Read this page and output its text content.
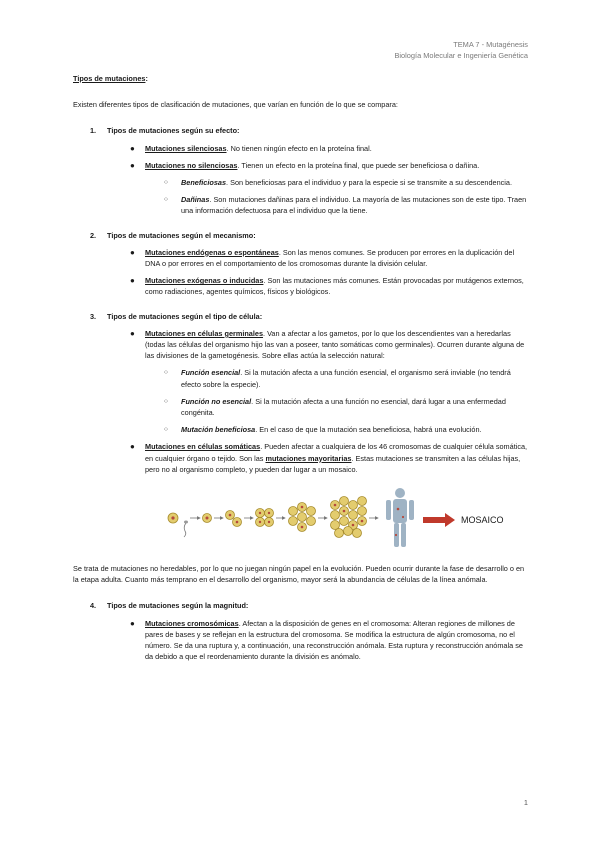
TEMA 7 - Mutagénesis
Biología Molecular e Ingeniería Genética

Tipos de mutaciones:

Existen diferentes tipos de clasificación de mutaciones, que varían en función de lo que se compara:

1. Tipos de mutaciones según su efecto:

● Mutaciones silenciosas. No tienen ningún efecto en la proteína final.

● Mutaciones no silenciosas. Tienen un efecto en la proteína final, que puede ser beneficiosa o dañina.

○ Beneficiosas. Son beneficiosas para el individuo y para la especie si se transmite a su descendencia.

○ Dañinas. Son mutaciones dañinas para el individuo. La mayoría de las mutaciones son de este tipo. Traen una información defectuosa para el individuo que la tiene.

2. Tipos de mutaciones según el mecanismo:

● Mutaciones endógenas o espontáneas. Son las menos comunes. Se producen por errores en la duplicación del DNA o por errores en el comportamiento de los cromosomas durante la división celular.

● Mutaciones exógenas o inducidas. Son las mutaciones más comunes. Están provocadas por mutágenos externos, como radiaciones, agentes químicos, físicos y biológicos.

3. Tipos de mutaciones según el tipo de célula:

● Mutaciones en células germinales. Van a afectar a los gametos, por lo que los descendientes van a heredarlas (todas las células del organismo hijo las van a poseer, tanto somáticas como germinales). Ocurren durante alguna de las divisiones de la gametogénesis. Sobre ellas actúa la selección natural:

○ Función esencial. Si la mutación afecta a una función esencial, el organismo será inviable (no tendrá efecto sobre la especie).

○ Función no esencial. Si la mutación afecta a una función no esencial, dará lugar a una enfermedad congénita.

○ Mutación beneficiosa. En el caso de que la mutación sea beneficiosa, habrá una evolución.

● Mutaciones en células somáticas. Pueden afectar a cualquiera de los 46 cromosomas de cualquier célula somática, en cualquier órgano o tejido. Son las mutaciones mayoritarias. Estas mutaciones se transmiten a las células hijas, pero no al organismo completo, y pueden dar lugar a un mosaico.

MOSAICO

Se trata de mutaciones no heredables, por lo que no juegan ningún papel en la evolución. Pueden ocurrir durante la fase de desarrollo o en la etapa adulta. Cuanto más temprano en el desarrollo del organismo, mayor será la abundancia de células de la línea anómala.

4. Tipos de mutaciones según la magnitud:

● Mutaciones cromosómicas. Afectan a la disposición de genes en el cromosoma: Alteran regiones de millones de pares de bases y se reflejan en la estructura del cromosoma. Se modifica la estructura de algún cromosoma, no el número. Se da una ruptura y, a continuación, una reconstrucción anómala. Esta ruptura y reconstrucción anómala se da debido a que el reordenamiento durante la división es anómalo.

1
